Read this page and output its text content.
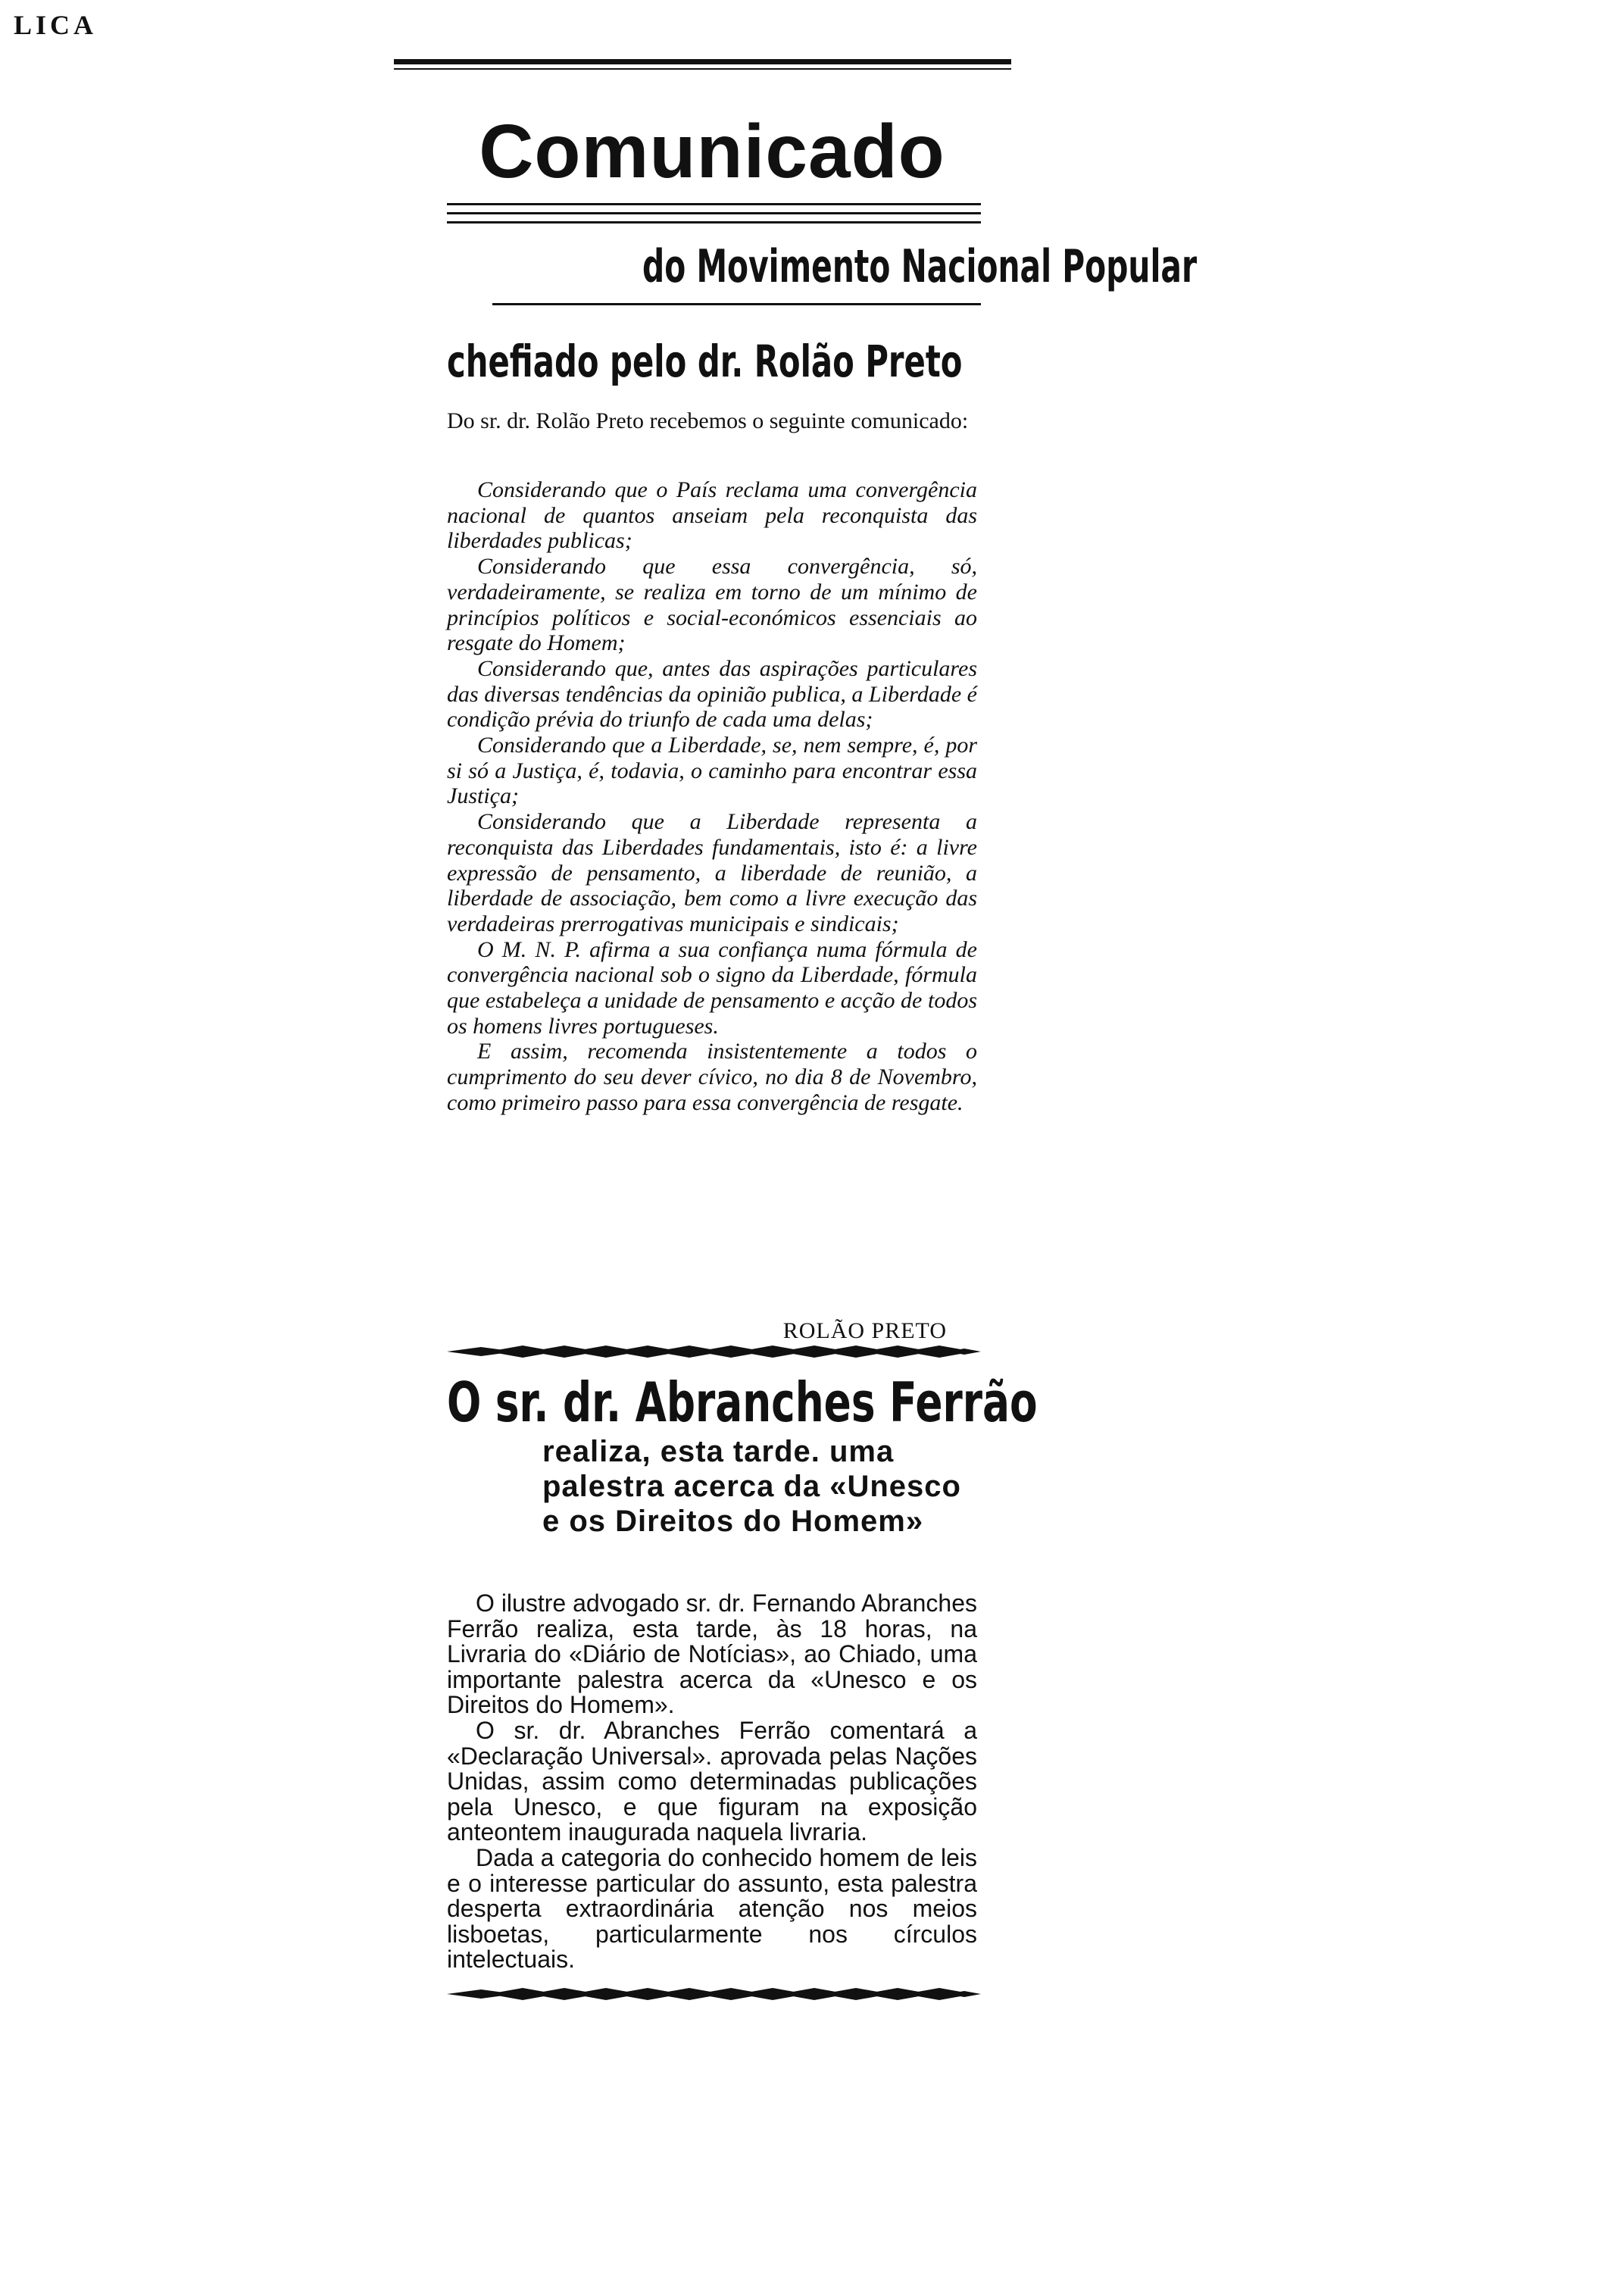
LICA
Comunicado
do Movimento Nacional Popular
chefiado pelo dr. Rolão Preto
Do sr. dr. Rolão Preto recebemos o seguinte comunicado:

Considerando que o País reclama uma convergência nacional de quantos anseiam pela reconquista das liberdades publicas;

Considerando que essa convergência, só, verdadeiramente, se realiza em torno de um mínimo de princípios políticos e social-económicos essenciais ao resgate do Homem;

Considerando que, antes das aspirações particulares das diversas tendências da opinião publica, a Liberdade é condição prévia do triunfo de cada uma delas;

Considerando que a Liberdade, se, nem sempre, é, por si só a Justiça, é, todavia, o caminho para encontrar essa Justiça;

Considerando que a Liberdade representa a reconquista das Liberdades fundamentais, isto é: a livre expressão de pensamento, a liberdade de reunião, a liberdade de associação, bem como a livre execução das verdadeiras prerrogativas municipais e sindicais;

O M. N. P. afirma a sua confiança numa fórmula de convergência nacional sob o signo da Liberdade, fórmula que estabeleça a unidade de pensamento e acção de todos os homens livres portugueses.

E assim, recomenda insistentemente a todos o cumprimento do seu dever cívico, no dia 8 de Novembro, como primeiro passo para essa convergência de resgate.

ROLÃO PRETO
O sr. dr. Abranches Ferrão
realiza, esta tarde. uma
palestra acerca da «Unesco
e os Direitos do Homem»

O ilustre advogado sr. dr. Fernando Abranches Ferrão realiza, esta tarde, às 18 horas, na Livraria do «Diário de Notícias», ao Chiado, uma importante palestra acerca da «Unesco e os Direitos do Homem».

O sr. dr. Abranches Ferrão comentará a «Declaração Universal». aprovada pelas Nações Unidas, assim como determinadas publicações pela Unesco, e que figuram na exposição anteontem inaugurada naquela livraria.

Dada a categoria do conhecido homem de leis e o interesse particular do assunto, esta palestra desperta extraordinária atenção nos meios lisboetas, particularmente nos círculos intelectuais.
